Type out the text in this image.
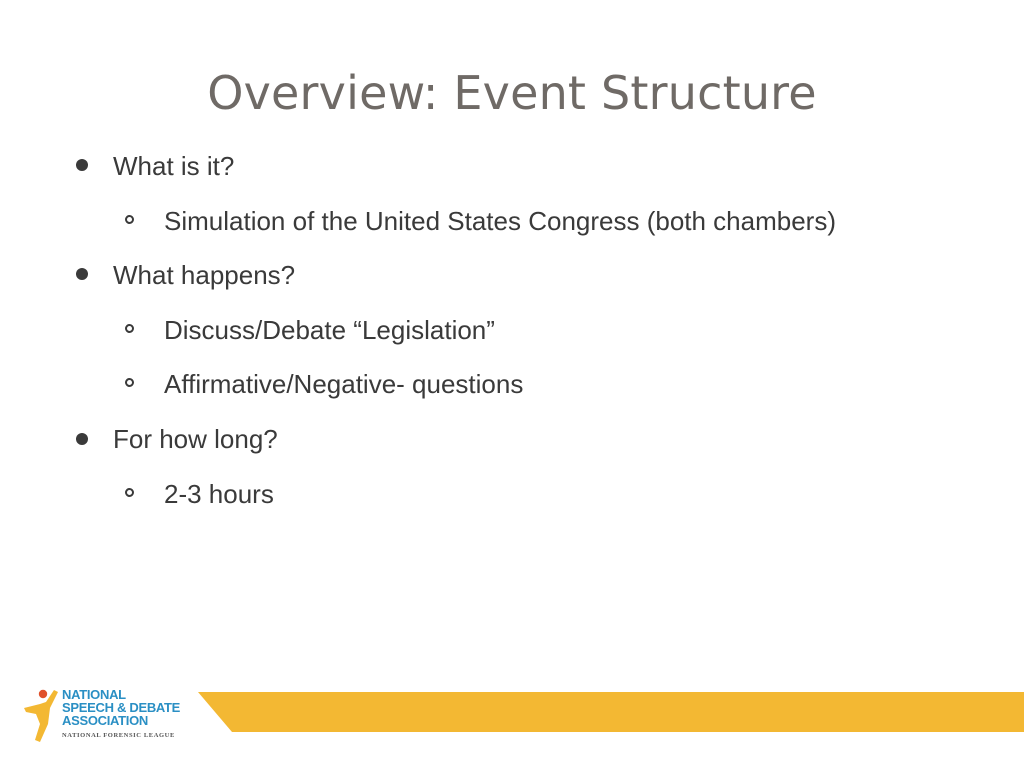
Overview: Event Structure
What is it?
Simulation of the United States Congress (both chambers)
What happens?
Discuss/Debate “Legislation”
Affirmative/Negative- questions
For how long?
2-3 hours
NATIONAL
SPEECH & DEBATE
ASSOCIATION
NATIONAL FORENSIC LEAGUE
